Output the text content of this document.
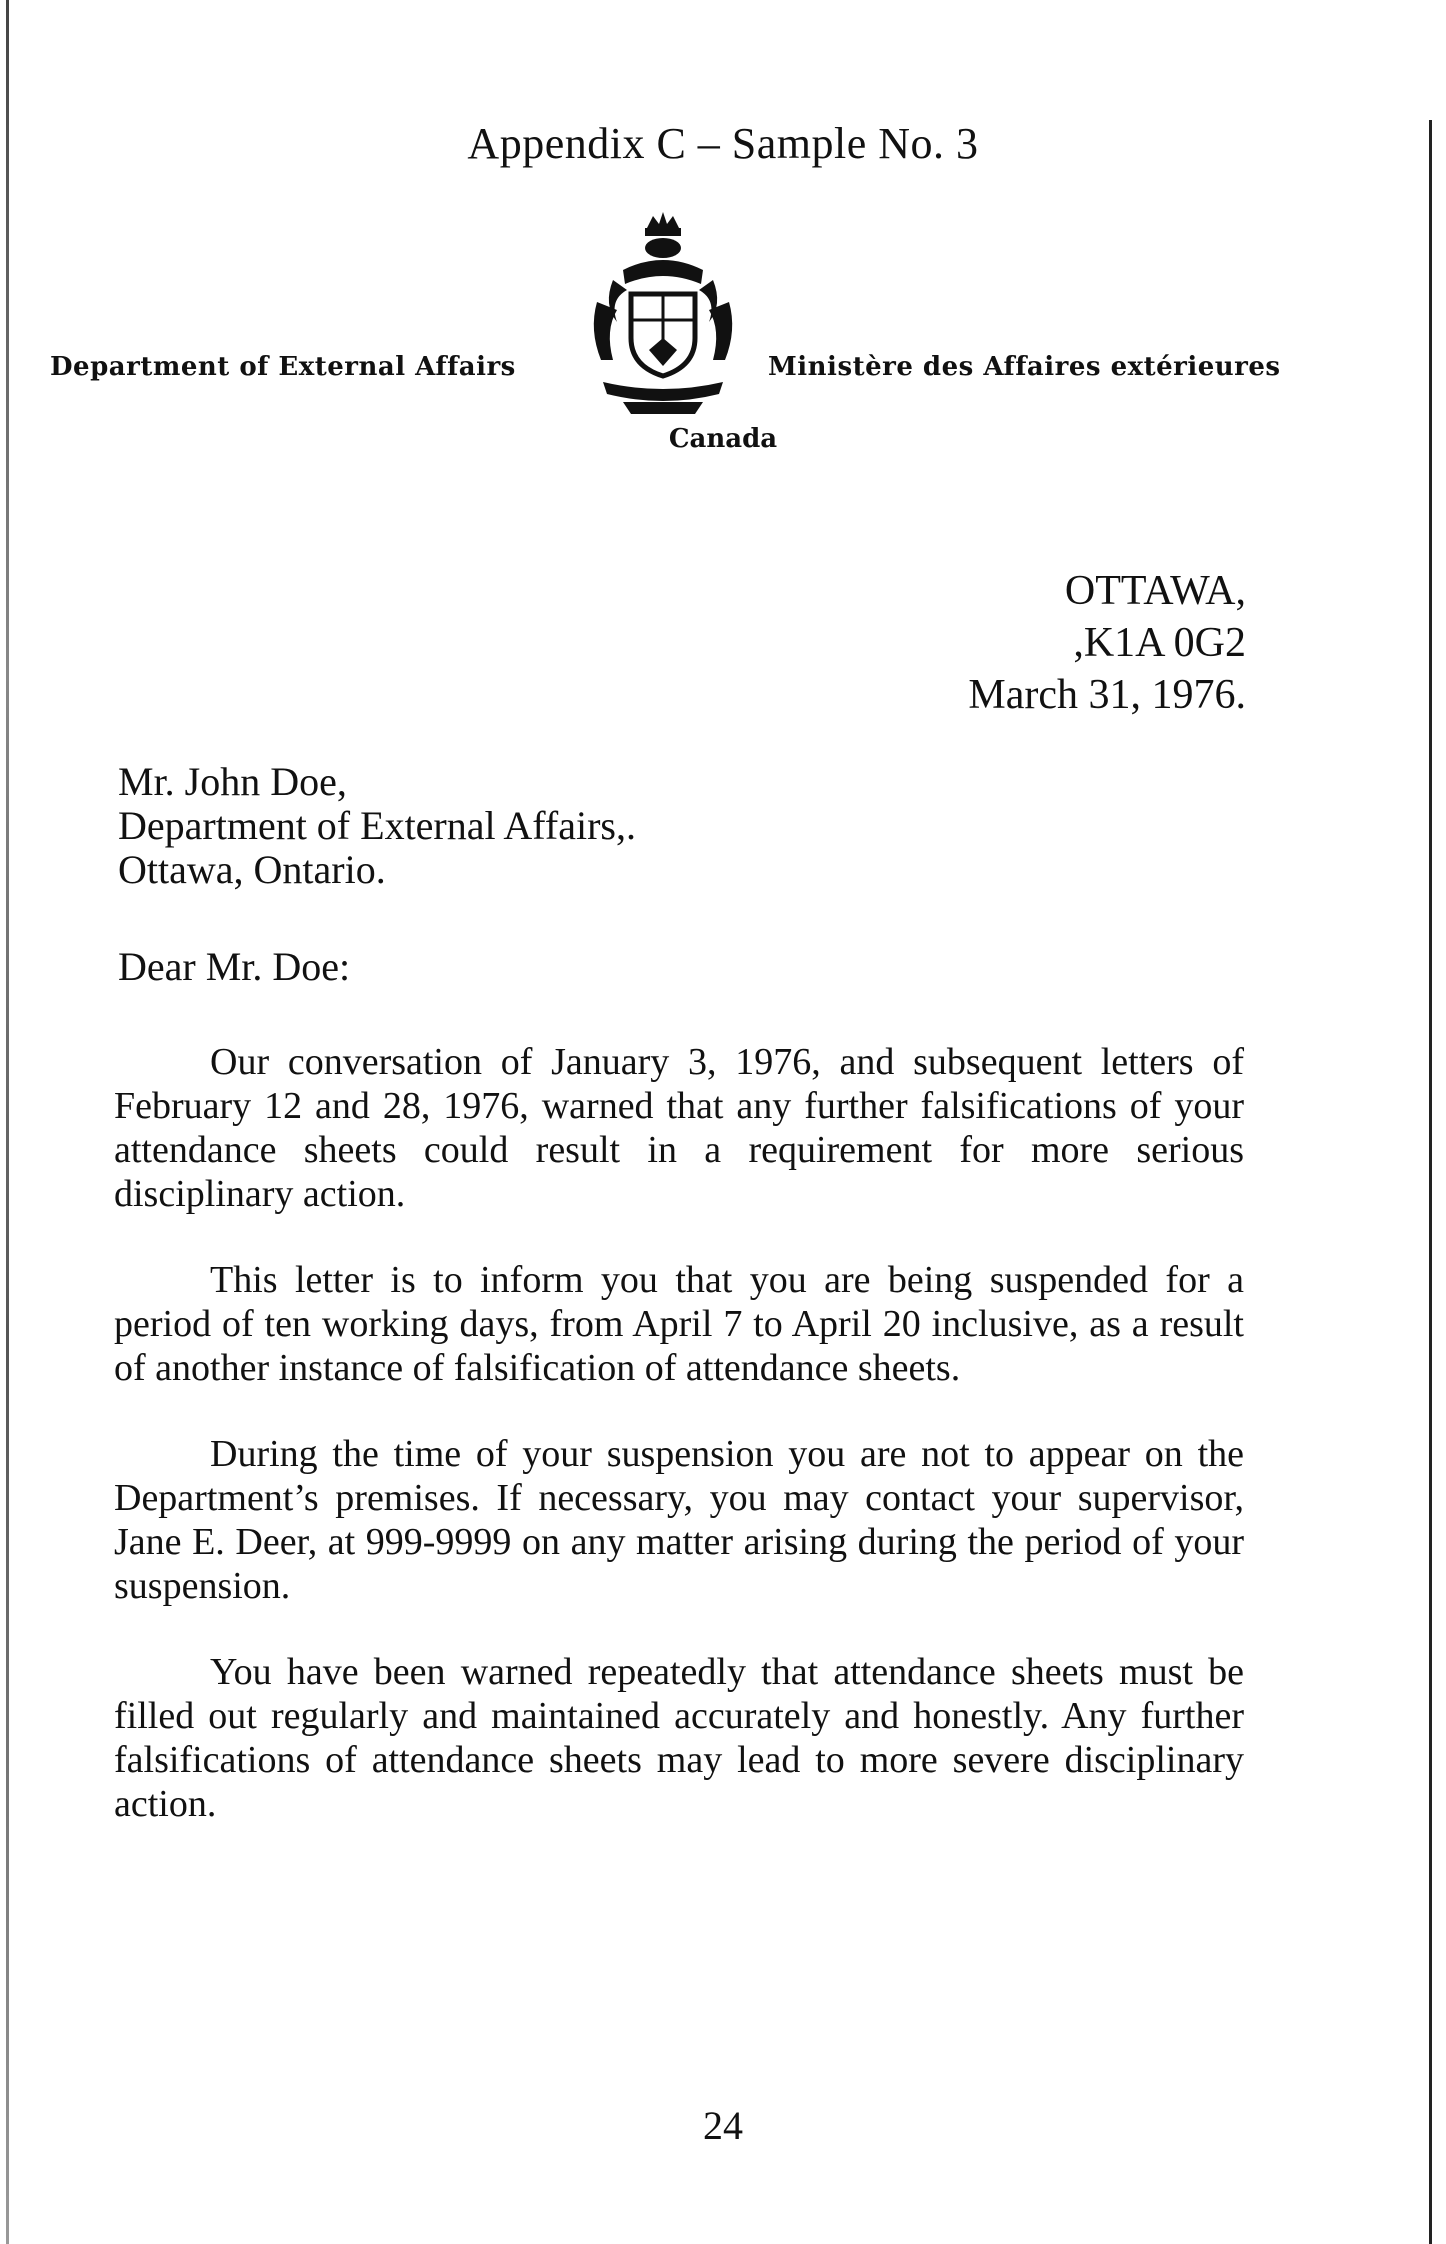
Appendix C – Sample No. 3
Department of External Affairs	Ministère des Affaires extérieures
Canada
OTTAWA,
,K1A 0G2
March 31, 1976.
Mr. John Doe,
Department of External Affairs,.
Ottawa, Ontario.
Dear Mr. Doe:

Our conversation of January 3, 1976, and subsequent letters of February 12 and 28, 1976, warned that any further falsifications of your attendance sheets could result in a requirement for more serious disciplinary action.

This letter is to inform you that you are being suspended for a period of ten working days, from April 7 to April 20 inclusive, as a result of another instance of falsification of attendance sheets.

During the time of your suspension you are not to appear on the Department’s premises. If necessary, you may contact your supervisor, Jane E. Deer, at 999-9999 on any matter arising during the period of your suspension.

You have been warned repeatedly that attendance sheets must be filled out regularly and maintained accurately and honestly. Any further falsifications of attendance sheets may lead to more severe disciplinary action.

24
